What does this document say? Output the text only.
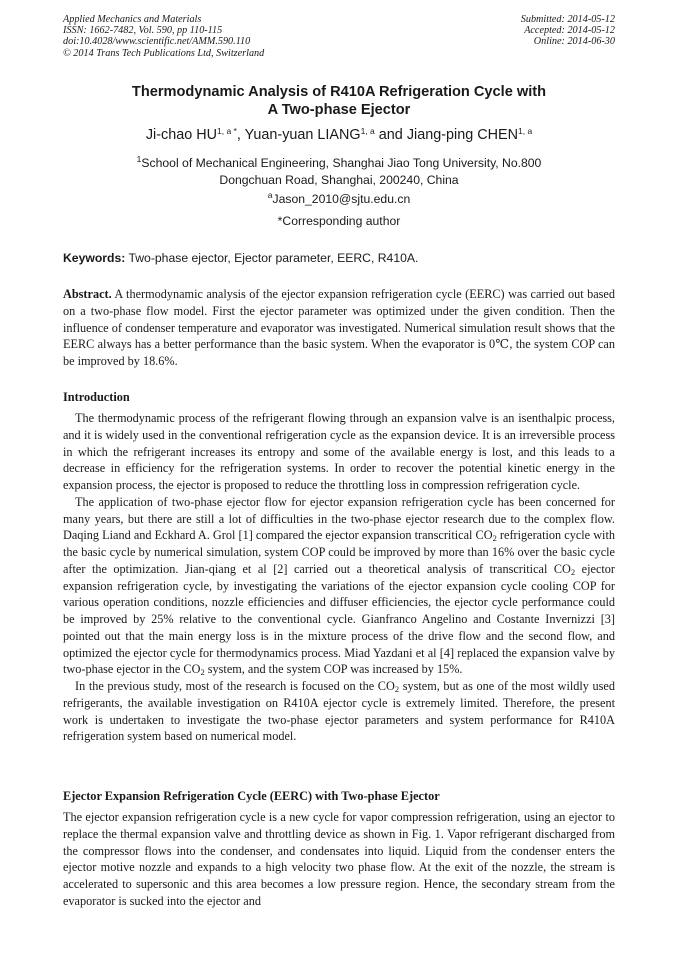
Applied Mechanics and Materials
ISSN: 1662-7482, Vol. 590, pp 110-115
doi:10.4028/www.scientific.net/AMM.590.110
© 2014 Trans Tech Publications Ltd, Switzerland
Submitted: 2014-05-12
Accepted: 2014-05-12
Online: 2014-06-30
Thermodynamic Analysis of R410A Refrigeration Cycle with
A Two-phase Ejector
Ji-chao $HU^{1, a *}$, Yuan-yuan LIANG$^{1, a}$ and Jiang-ping CHEN$^{1, a}$
$^1$School of Mechanical Engineering, Shanghai Jiao Tong University, No.800
Dongchuan Road, Shanghai, 200240, China
$^a$Jason_2010@sjtu.edu.cn
*Corresponding author
Keywords: Two-phase ejector, Ejector parameter, EERC, R410A.

Abstract. A thermodynamic analysis of the ejector expansion refrigeration cycle (EERC) was carried out based on a two-phase flow model. First the ejector parameter was optimized under the given condition. Then the influence of condenser temperature and evaporator was investigated. Numerical simulation result shows that the EERC always has a better performance than the basic system. When the evaporator is 0℃, the system COP can be improved by 18.6%.

Introduction

The thermodynamic process of the refrigerant flowing through an expansion valve is an isenthalpic process, and it is widely used in the conventional refrigeration cycle as the expansion device. It is an irreversible process in which the refrigerant increases its entropy and some of the available energy is lost, and this leads to a decrease in efficiency for the refrigeration systems. In order to recover the potential kinetic energy in the expansion process, the ejector is proposed to reduce the throttling loss in compression refrigeration cycle.

The application of two-phase ejector flow for ejector expansion refrigeration cycle has been concerned for many years, but there are still a lot of difficulties in the two-phase ejector research due to the complex flow. Daqing Liand and Eckhard A. Grol [1] compared the ejector expansion transcritical $CO_2$ refrigeration cycle with the basic cycle by numerical simulation, system COP could be improved by more than 16% over the basic cycle after the optimization. Jian-qiang et al [2] carried out a theoretical analysis of transcritical $CO_2$ ejector expansion refrigeration cycle, by investigating the variations of the ejector expansion cycle cooling COP for various operation conditions, nozzle efficiencies and diffuser efficiencies, the ejector cycle performance could be improved by 25% relative to the conventional cycle. Gianfranco Angelino and Costante Invernizzi [3] pointed out that the main energy loss is in the mixture process of the drive flow and the second flow, and optimized the ejector cycle for thermodynamics process. Miad Yazdani et al [4] replaced the expansion valve by two-phase ejector in the $CO_2$ system, and the system COP was increased by 15%.

In the previous study, most of the research is focused on the $CO_2$ system, but as one of the most wildly used refrigerants, the available investigation on R410A ejector cycle is extremely limited. Therefore, the present work is undertaken to investigate the two-phase ejector parameters and system performance for R410A refrigeration system based on numerical model.

Ejector Expansion Refrigeration Cycle (EERC) with Two-phase Ejector

The ejector expansion refrigeration cycle is a new cycle for vapor compression refrigeration, using an ejector to replace the thermal expansion valve and throttling device as shown in Fig. 1. Vapor refrigerant discharged from the compressor flows into the condenser, and condensates into liquid. Liquid from the condenser enters the ejector motive nozzle and expands to a high velocity two phase flow. At the exit of the nozzle, the stream is accelerated to supersonic and this area becomes a low pressure region. Hence, the secondary stream from the evaporator is sucked into the ejector and
